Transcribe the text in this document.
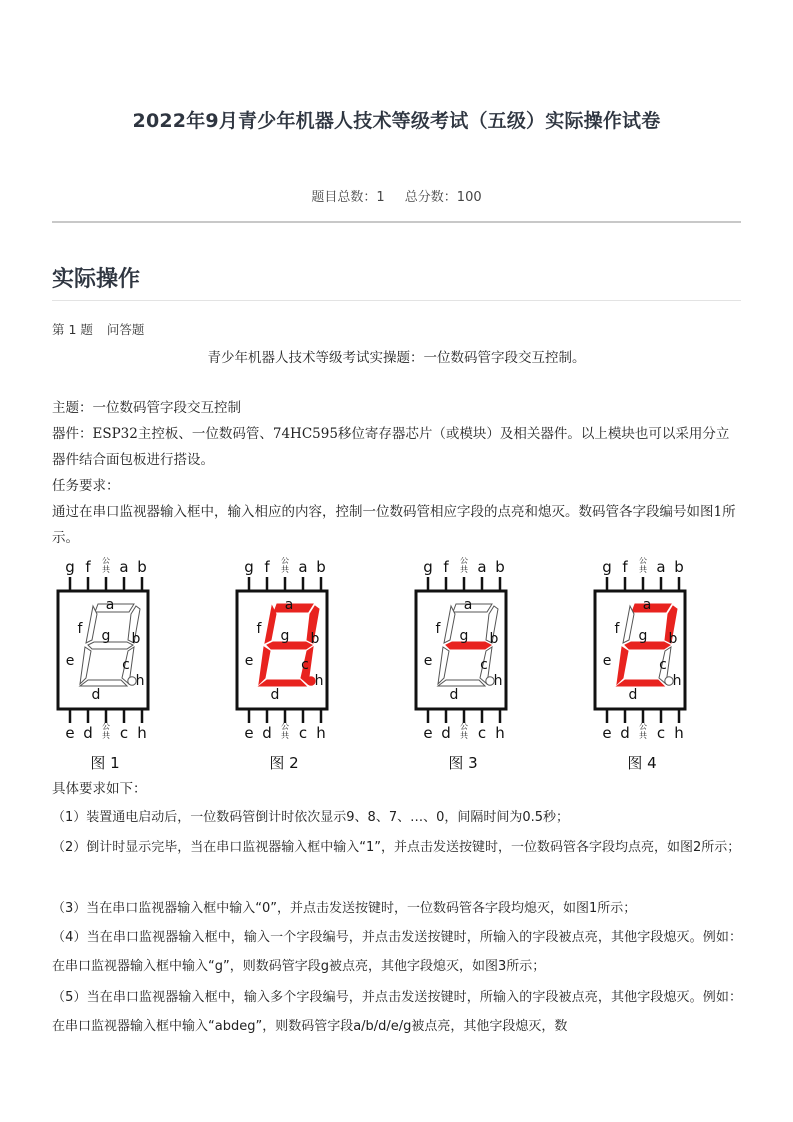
2022年9月青少年机器人技术等级考试（五级）实际操作试卷
题目总数：1 总分数：100
实际操作
第 1 题 问答题
青少年机器人技术等级考试实操题：一位数码管字段交互控制。
主题：一位数码管字段交互控制
器件：ESP32主控板、一位数码管、74HC595移位寄存器芯片（或模块）及相关器件。以上模块也可以采用分立器件结合面包板进行搭设。
任务要求：
通过在串口监视器输入框中，输入相应的内容，控制一位数码管相应字段的点亮和熄灭。数码管各字段编号如图1所示。
g f 公
共 a b
a
f g b
e	c
d
h
e d 公
共 c h
g f 公
共 a b
a
f g b
e	c
d
h
e d 公
共 c h
g f 公
共 a b
a
f g b
e	c
d
h
e d 公
共 c h
g f 公
共 a b
a
f g b
e	c
d
h
e d 公
共 c h
图 1	图 2	图 3	图 4
具体要求如下：
（1）装置通电启动后，一位数码管倒计时依次显示9、8、7、…、0，间隔时间为0.5秒；
（2）倒计时显示完毕，当在串口监视器输入框中输入“1”，并点击发送按键时，一位数码管各字段均点亮，如图2所示；
（3）当在串口监视器输入框中输入“0”，并点击发送按键时，一位数码管各字段均熄灭，如图1所示；
（4）当在串口监视器输入框中，输入一个字段编号，并点击发送按键时，所输入的字段被点亮，其他字段熄灭。例如：在串口监视器输入框中输入“g”，则数码管字段g被点亮，其他字段熄灭，如图3所示；
（5）当在串口监视器输入框中，输入多个字段编号，并点击发送按键时，所输入的字段被点亮，其他字段熄灭。例如：在串口监视器输入框中输入“abdeg”，则数码管字段a/b/d/e/g被点亮，其他字段熄灭，数
